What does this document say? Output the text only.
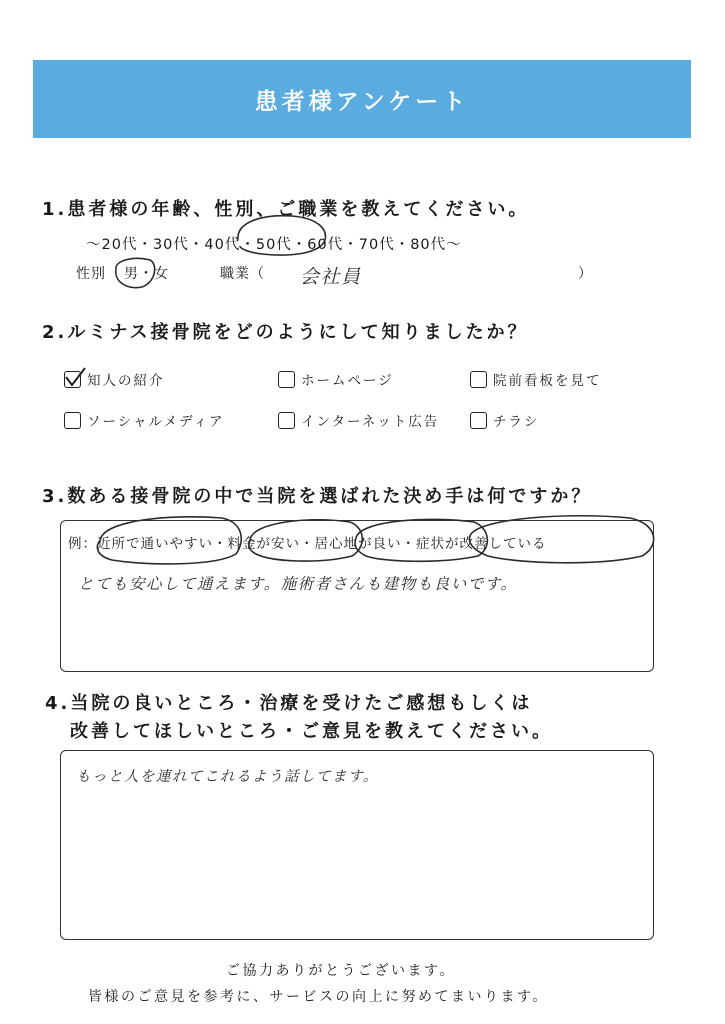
患者様アンケート
1.患者様の年齢、性別、ご職業を教えてください。
〜20代・30代・40代・50代・60代・70代・80代〜
性別 男・女	職業（ 会社員	）
2.ルミナス接骨院をどのようにして知りましたか？
知人の紹介	ホームページ	院前看板を見て
ソーシャルメディア	インターネット広告	チラシ
3.数ある接骨院の中で当院を選ばれた決め手は何ですか？
例：近所で通いやすい・料金が安い・居心地が良い・症状が改善している
とても安心して通えます。施術者さんも建物も良いです。
4.当院の良いところ・治療を受けたご感想もしくは
改善してほしいところ・ご意見を教えてください。
もっと人を連れてこれるよう話してます。
ご協力ありがとうございます。
皆様のご意見を参考に、サービスの向上に努めてまいります。
